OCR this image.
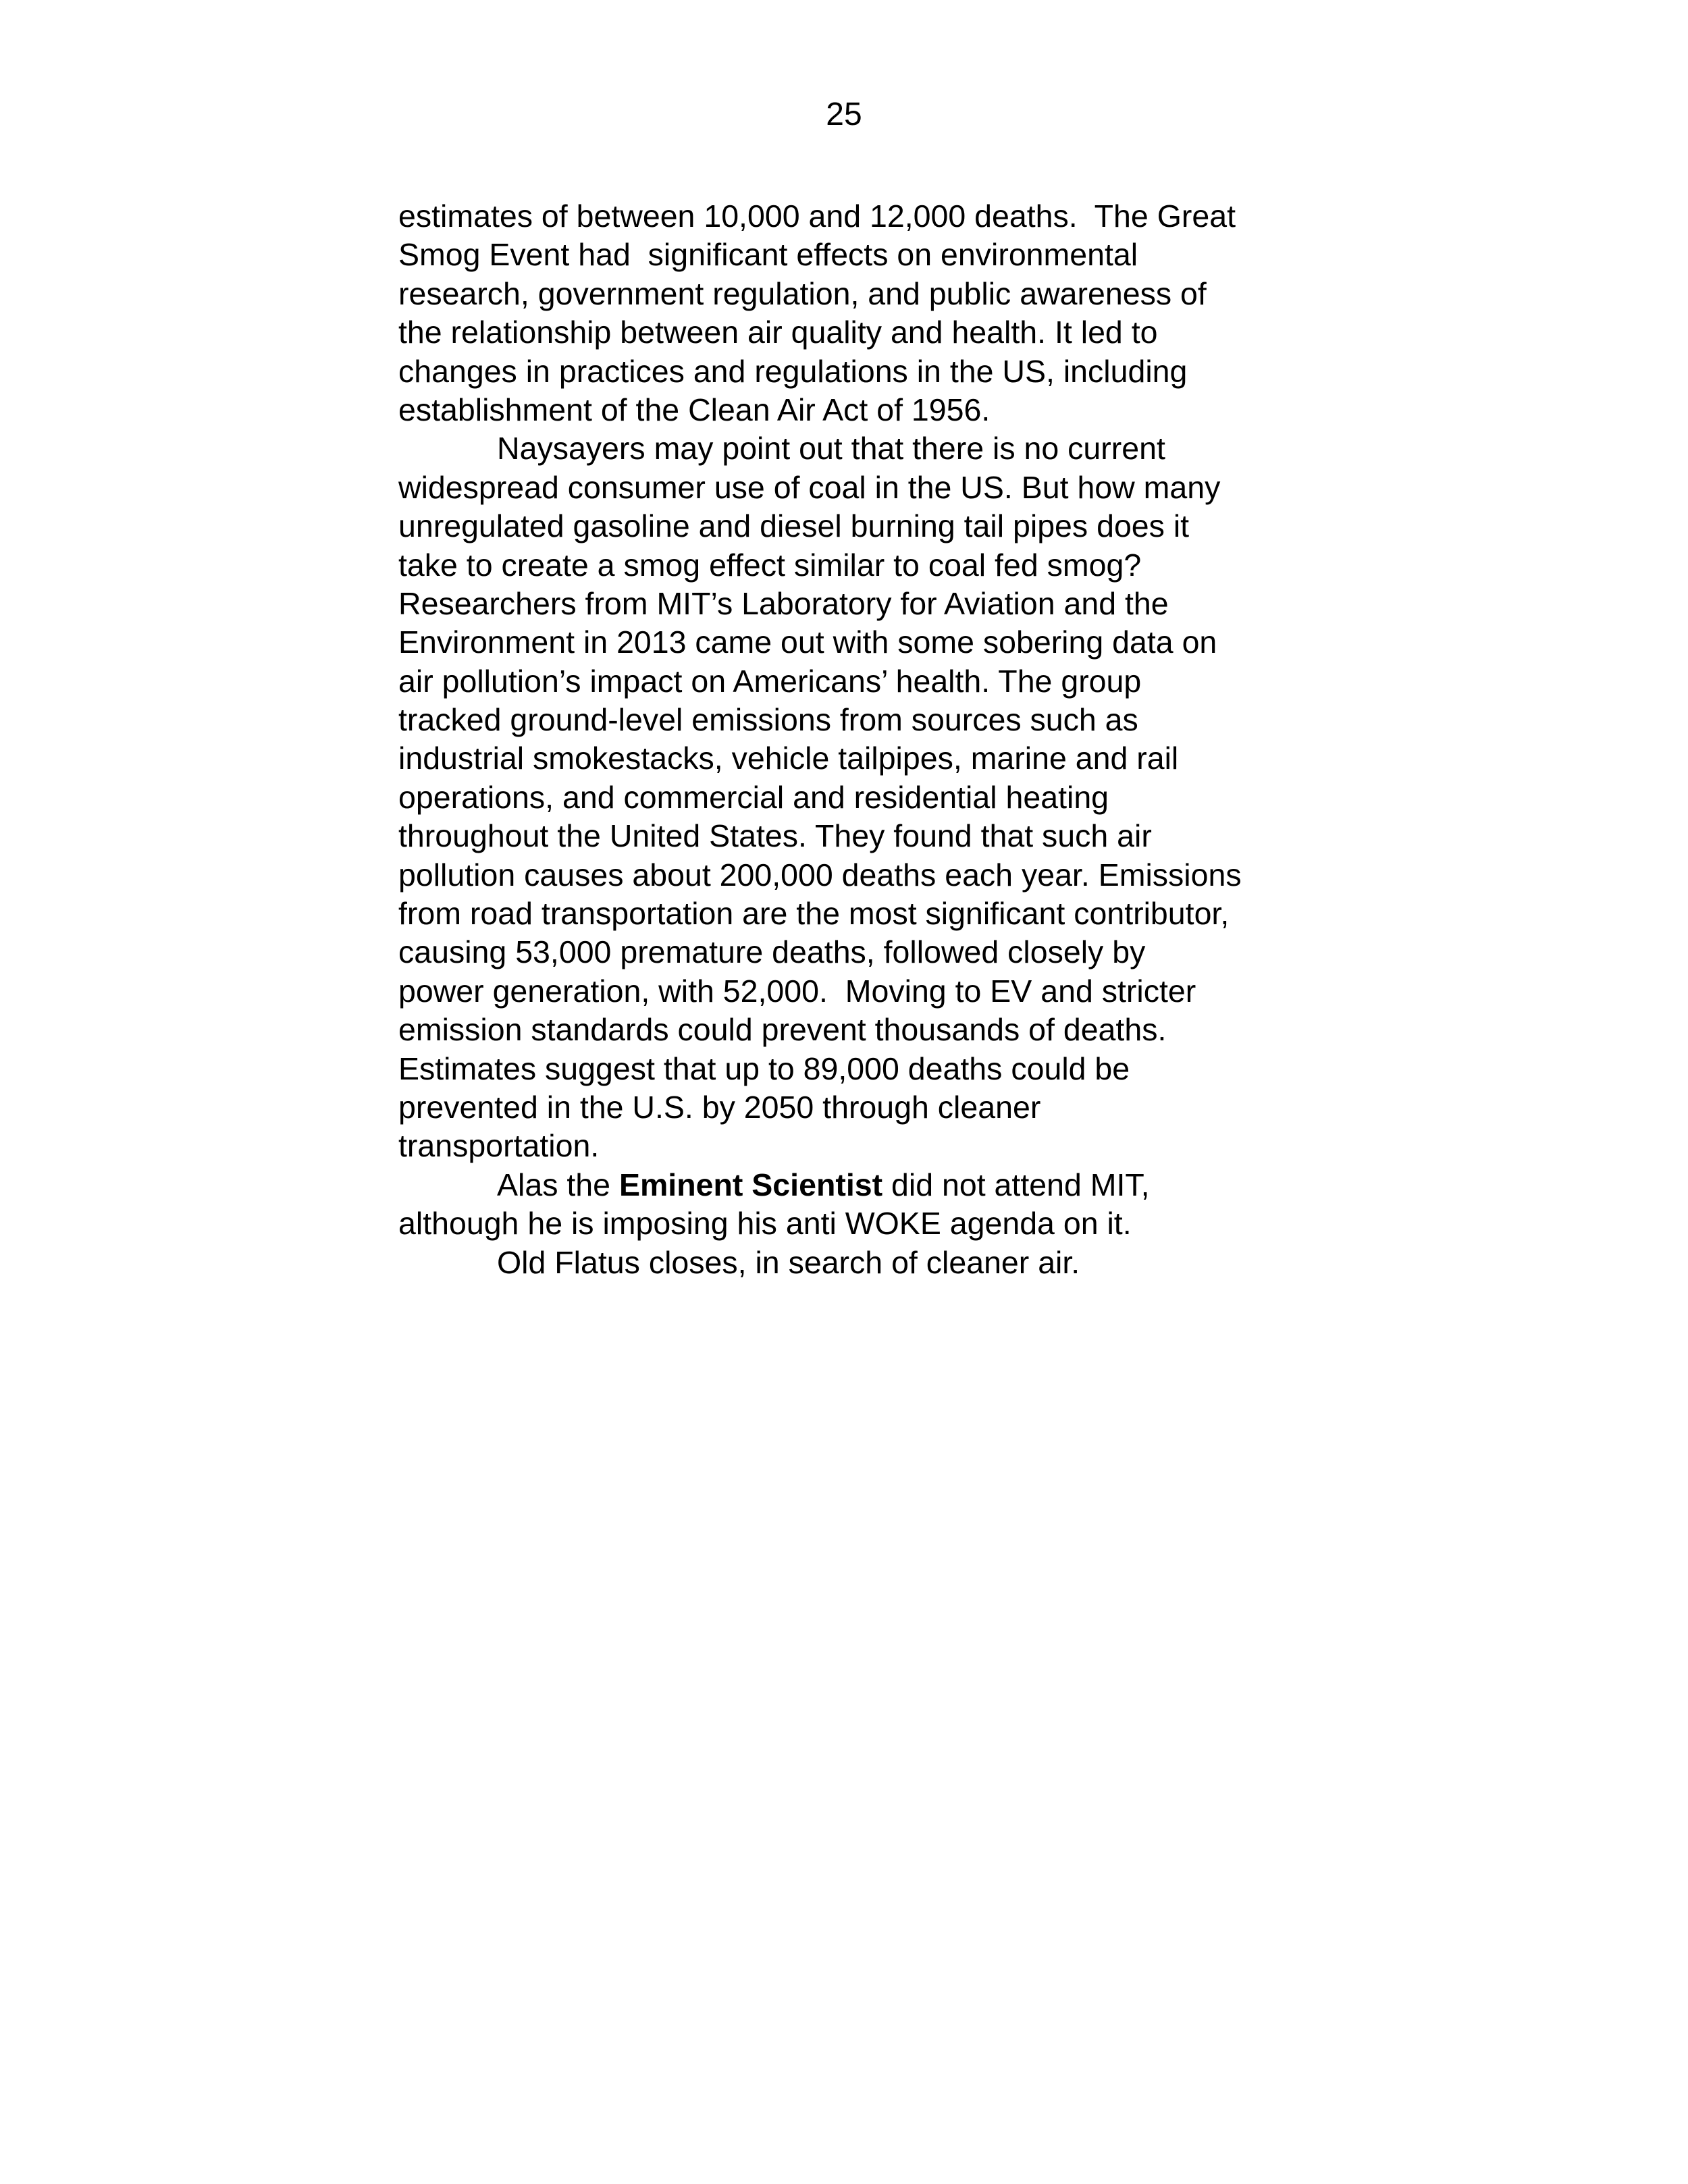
25
estimates of between 10,000 and 12,000 deaths.  The Great
Smog Event had  significant effects on environmental
research, government regulation, and public awareness of
the relationship between air quality and health. It led to
changes in practices and regulations in the US, including
establishment of the Clean Air Act of 1956.
Naysayers may point out that there is no current
widespread consumer use of coal in the US. But how many
unregulated gasoline and diesel burning tail pipes does it
take to create a smog effect similar to coal fed smog?
Researchers from MIT’s Laboratory for Aviation and the
Environment in 2013 came out with some sobering data on
air pollution’s impact on Americans’ health. The group
tracked ground-level emissions from sources such as
industrial smokestacks, vehicle tailpipes, marine and rail
operations, and commercial and residential heating
throughout the United States. They found that such air
pollution causes about 200,000 deaths each year. Emissions
from road transportation are the most significant contributor,
causing 53,000 premature deaths, followed closely by
power generation, with 52,000.  Moving to EV and stricter
emission standards could prevent thousands of deaths.
Estimates suggest that up to 89,000 deaths could be
prevented in the U.S. by 2050 through cleaner
transportation.
Alas the Eminent Scientist did not attend MIT,
although he is imposing his anti WOKE agenda on it.
Old Flatus closes, in search of cleaner air.
